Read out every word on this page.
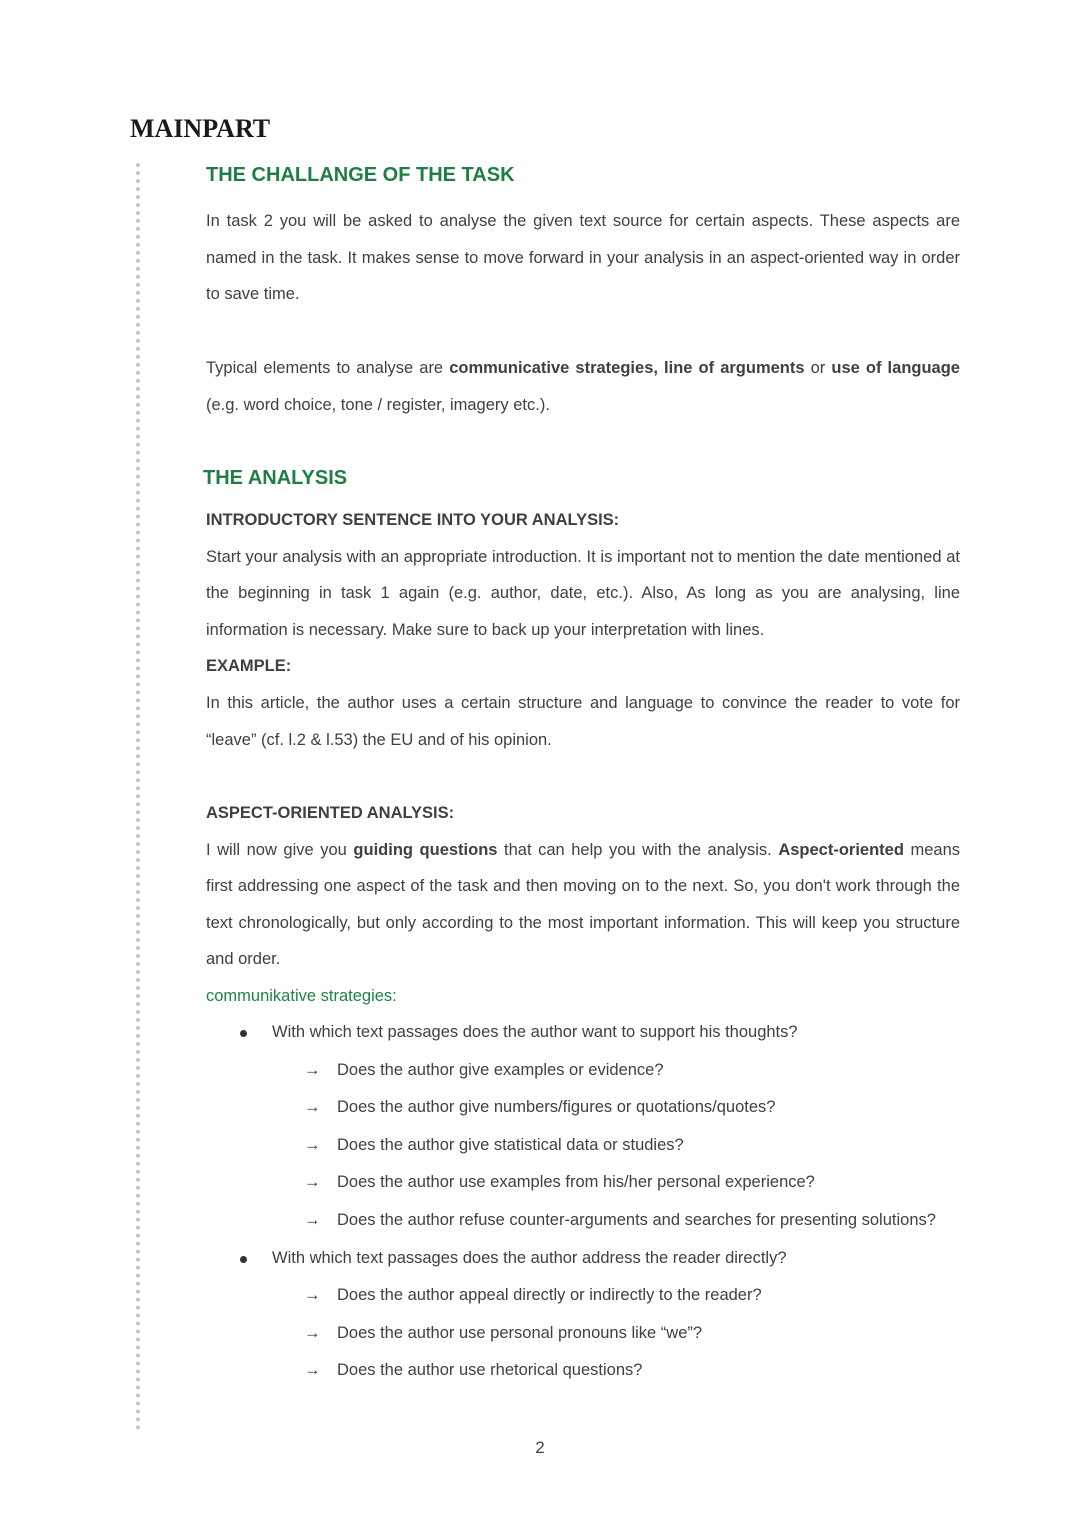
MAINPART
THE CHALLANGE OF THE TASK

In task 2 you will be asked to analyse the given text source for certain aspects. These aspects are named in the task. It makes sense to move forward in your analysis in an aspect-oriented way in order to save time.

Typical elements to analyse are communicative strategies, line of arguments or use of language (e.g. word choice, tone / register, imagery etc.).

THE ANALYSIS

INTRODUCTORY SENTENCE INTO YOUR ANALYSIS:

Start your analysis with an appropriate introduction. It is important not to mention the date mentioned at the beginning in task 1 again (e.g. author, date, etc.). Also, As long as you are analysing, line information is necessary. Make sure to back up your interpretation with lines.

EXAMPLE:

In this article, the author uses a certain structure and language to convince the reader to vote for “leave” (cf. l.2 & l.53) the EU and of his opinion.

ASPECT-ORIENTED ANALYSIS:

I will now give you guiding questions that can help you with the analysis. Aspect-oriented means first addressing one aspect of the task and then moving on to the next. So, you don't work through the text chronologically, but only according to the most important information. This will keep you structure and order.

communikative strategies:

With which text passages does the author want to support his thoughts?
→ Does the author give examples or evidence?
→ Does the author give numbers/figures or quotations/quotes?
→ Does the author give statistical data or studies?
→ Does the author use examples from his/her personal experience?
→ Does the author refuse counter-arguments and searches for presenting solutions?
With which text passages does the author address the reader directly?
→ Does the author appeal directly or indirectly to the reader?
→ Does the author use personal pronouns like “we”?
→ Does the author use rhetorical questions?
2
